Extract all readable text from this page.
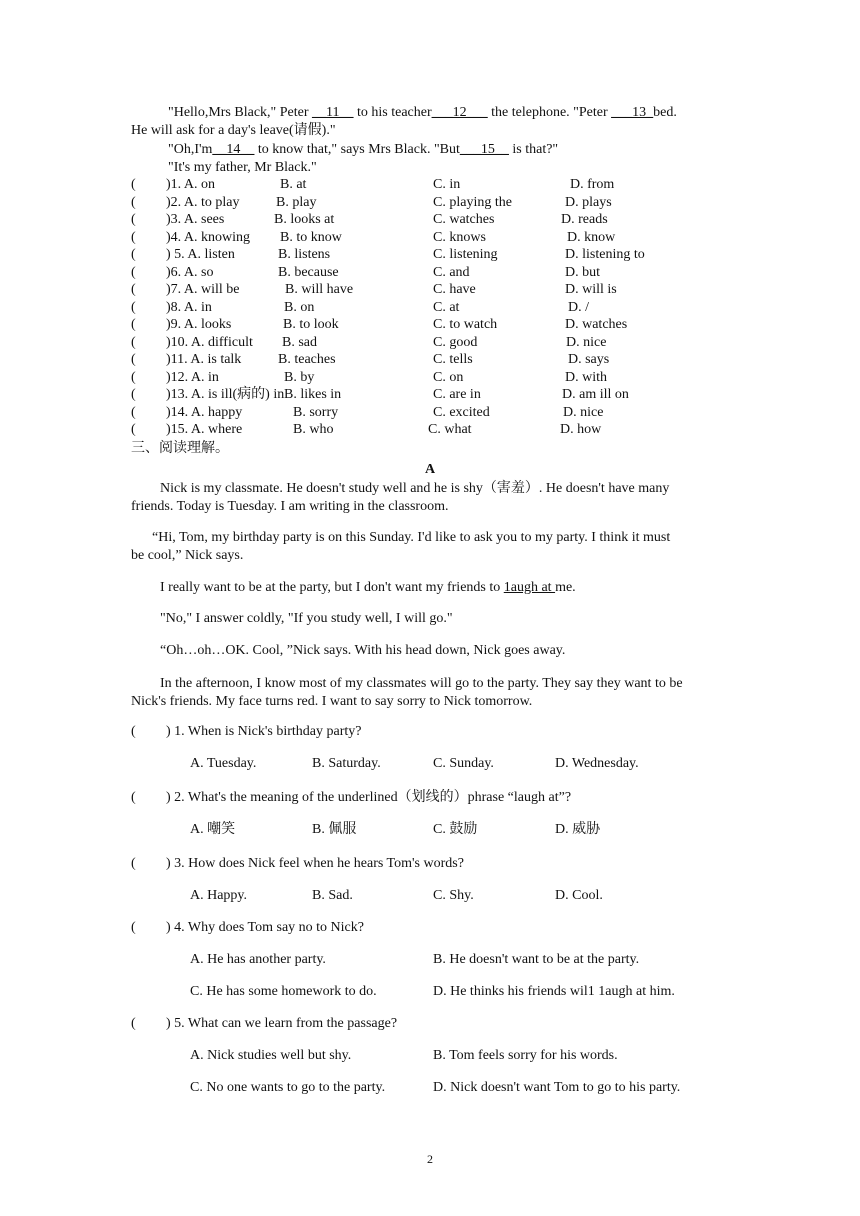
"Hello,Mrs Black," Peter __11__ to his teacher___12___ the telephone. "Peter ___13_bed.
He will ask for a day's leave(请假)."
"Oh,I'm__14__ to know that," says Mrs Black. "But___15__ is that?"
"It's my father, Mr Black."
( )1. A. on	B. at	C. in	D. from
( )2. A. to play	B. play	C. playing the	D. plays
( )3. A. sees	B. looks at	C. watches	D. reads
( )4. A. knowing B. to know	C. knows	D. know
( ) 5. A. listen	B. listens	C. listening	D. listening to
( )6. A. so	B. because	C. and	D. but
( )7. A. will be	B. will have	C. have	D. will is
( )8. A. in	B. on	C. at	D. /
( )9. A. looks	B. to look	C. to watch	D. watches
( )10. A. difficult B. sad	C. good	D. nice
( )11. A. is talk	B. teaches	C. tells	D. says
( )12. A. in	B. by	C. on	D. with
( )13. A. is ill(病的) in B. likes in	C. are in	D. am ill on
( )14. A. happy	B. sorry	C. excited	D. nice
( )15. A. where	B. who	C. what	D. how
三、阅读理解。
A
Nick is my classmate. He doesn't study well and he is shy（害羞）. He doesn't have many
friends. Today is Tuesday. I am writing in the classroom.
“Hi, Tom, my birthday party is on this Sunday. I'd like to ask you to my party. I think it must
be cool,” Nick says.
I really want to be at the party, but I don't want my friends to 1augh at me.
"No," I answer coldly, "If you study well, I will go."
“Oh…oh…OK. Cool, ”Nick says. With his head down, Nick goes away.
In the afternoon, I know most of my classmates will go to the party. They say they want to be
Nick's friends. My face turns red. I want to say sorry to Nick tomorrow.
( ) 1. When is Nick's birthday party?
A. Tuesday.	B. Saturday.	C. Sunday.	D. Wednesday.
( ) 2. What's the meaning of the underlined（划线的）phrase “laugh at”?
A. 嘲笑	B. 佩服	C. 鼓励	D. 威胁
( ) 3. How does Nick feel when he hears Tom's words?
A. Happy.	B. Sad.	C. Shy.	D. Cool.
( ) 4. Why does Tom say no to Nick?
A. He has another party.	B. He doesn't want to be at the party.
C. He has some homework to do.	D. He thinks his friends wil1 1augh at him.
( ) 5. What can we learn from the passage?
A. Nick studies well but shy.	B. Tom feels sorry for his words.
C. No one wants to go to the party.	D. Nick doesn't want Tom to go to his party.
2
